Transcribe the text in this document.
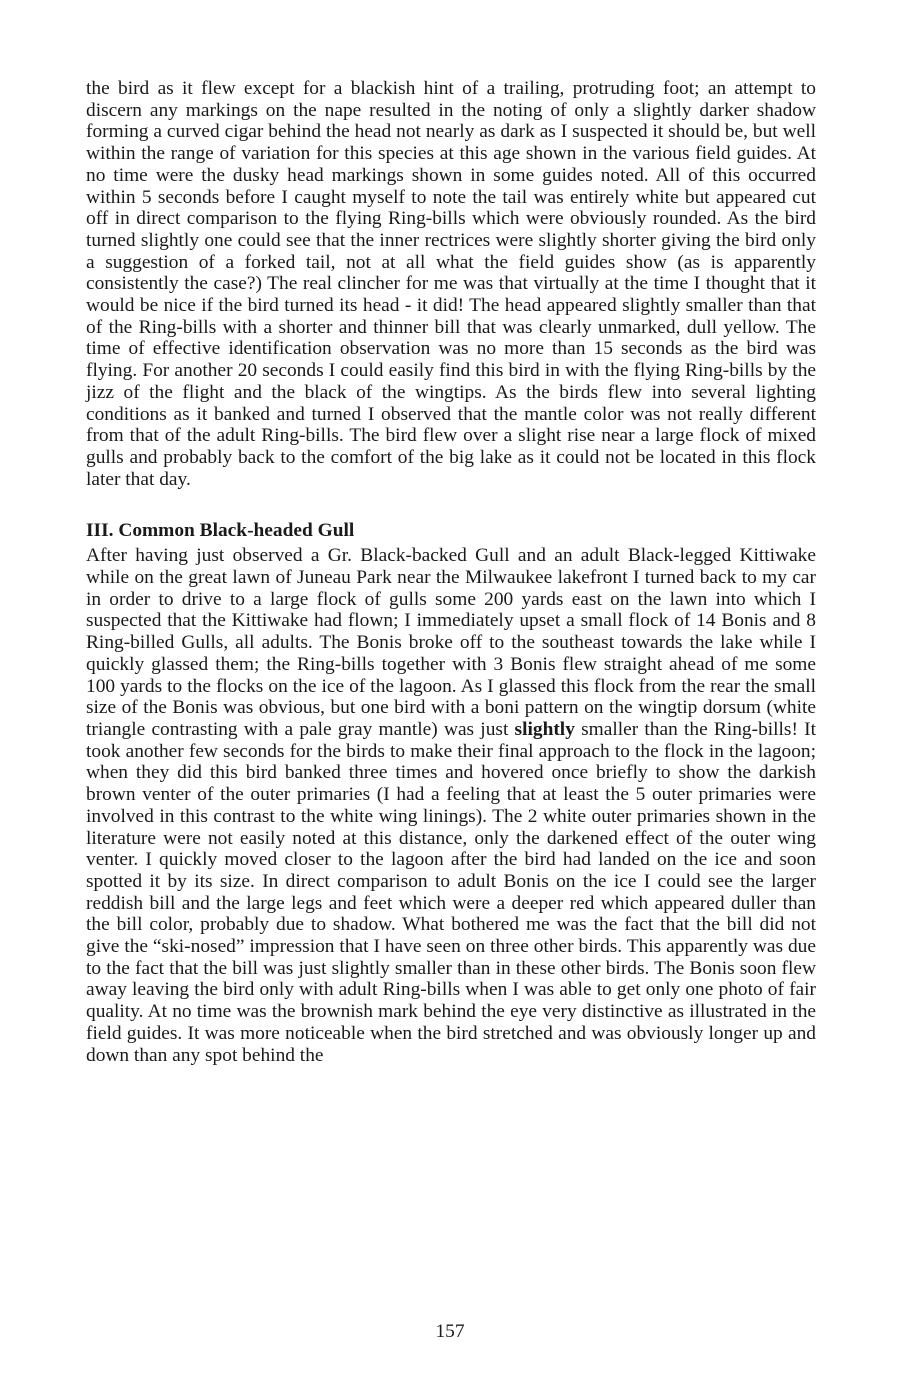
the bird as it flew except for a blackish hint of a trailing, protruding foot; an attempt to discern any markings on the nape resulted in the noting of only a slightly darker shadow forming a curved cigar behind the head not nearly as dark as I suspected it should be, but well within the range of variation for this species at this age shown in the various field guides. At no time were the dusky head markings shown in some guides noted. All of this occurred within 5 seconds before I caught myself to note the tail was entirely white but appeared cut off in direct comparison to the flying Ring-bills which were obviously rounded. As the bird turned slightly one could see that the inner rectrices were slightly shorter giving the bird only a suggestion of a forked tail, not at all what the field guides show (as is apparently consistently the case?) The real clincher for me was that virtually at the time I thought that it would be nice if the bird turned its head - it did! The head appeared slightly smaller than that of the Ring-bills with a shorter and thinner bill that was clearly unmarked, dull yellow. The time of effective identification observation was no more than 15 seconds as the bird was flying. For another 20 seconds I could easily find this bird in with the flying Ring-bills by the jizz of the flight and the black of the wingtips. As the birds flew into several lighting conditions as it banked and turned I observed that the mantle color was not really different from that of the adult Ring-bills. The bird flew over a slight rise near a large flock of mixed gulls and probably back to the comfort of the big lake as it could not be located in this flock later that day.

III. Common Black-headed Gull

After having just observed a Gr. Black-backed Gull and an adult Black-legged Kittiwake while on the great lawn of Juneau Park near the Milwaukee lakefront I turned back to my car in order to drive to a large flock of gulls some 200 yards east on the lawn into which I suspected that the Kittiwake had flown; I immediately upset a small flock of 14 Bonis and 8 Ring-billed Gulls, all adults. The Bonis broke off to the southeast towards the lake while I quickly glassed them; the Ring-bills together with 3 Bonis flew straight ahead of me some 100 yards to the flocks on the ice of the lagoon. As I glassed this flock from the rear the small size of the Bonis was obvious, but one bird with a boni pattern on the wingtip dorsum (white triangle contrasting with a pale gray mantle) was just slightly smaller than the Ring-bills! It took another few seconds for the birds to make their final approach to the flock in the lagoon; when they did this bird banked three times and hovered once briefly to show the darkish brown venter of the outer primaries (I had a feeling that at least the 5 outer primaries were involved in this contrast to the white wing linings). The 2 white outer primaries shown in the literature were not easily noted at this distance, only the darkened effect of the outer wing venter. I quickly moved closer to the lagoon after the bird had landed on the ice and soon spotted it by its size. In direct comparison to adult Bonis on the ice I could see the larger reddish bill and the large legs and feet which were a deeper red which appeared duller than the bill color, probably due to shadow. What bothered me was the fact that the bill did not give the “ski-nosed” impression that I have seen on three other birds. This apparently was due to the fact that the bill was just slightly smaller than in these other birds. The Bonis soon flew away leaving the bird only with adult Ring-bills when I was able to get only one photo of fair quality. At no time was the brownish mark behind the eye very distinctive as illustrated in the field guides. It was more noticeable when the bird stretched and was obviously longer up and down than any spot behind the

157
